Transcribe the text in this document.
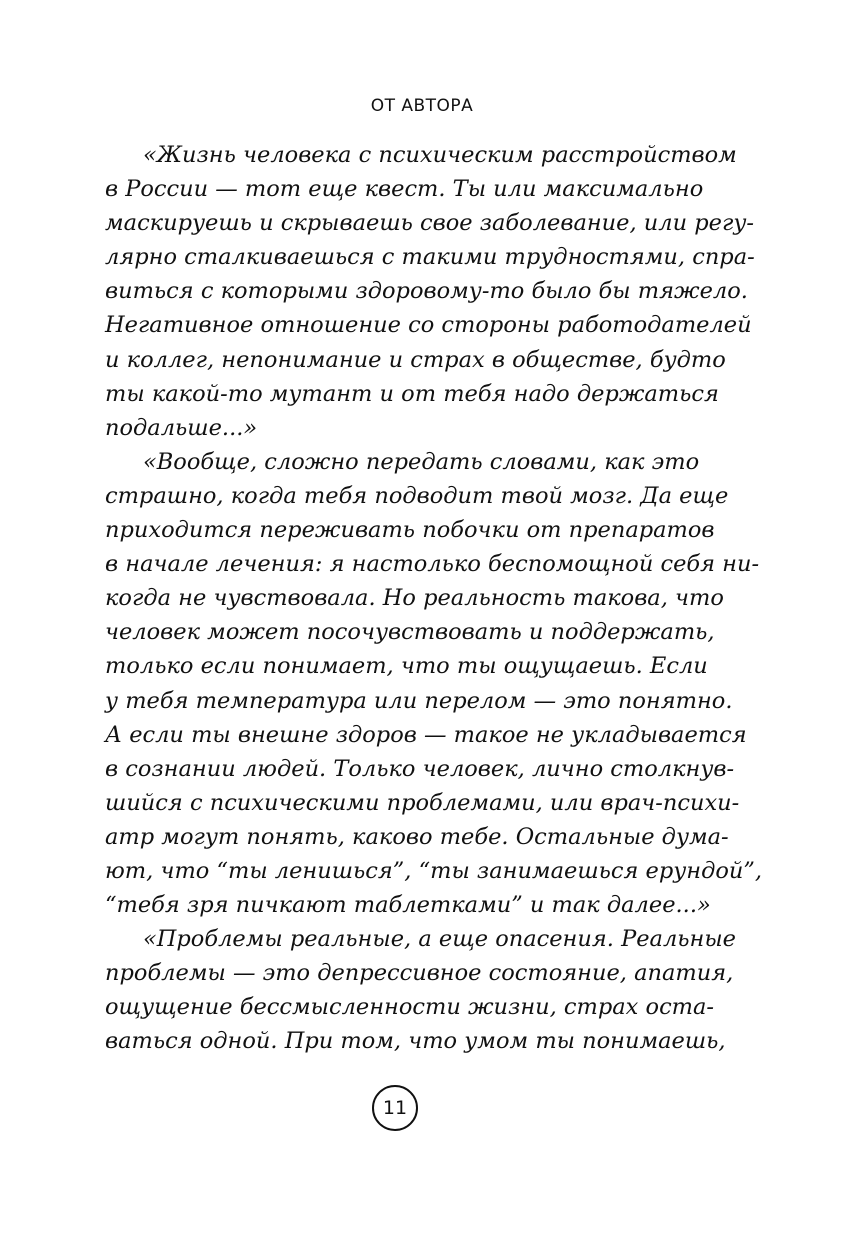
ОТ АВТОРА
«Жизнь человека с психическим расстройством
в России — тот еще квест. Ты или максимально
маскируешь и скрываешь свое заболевание, или регу-
лярно сталкиваешься с такими трудностями, спра-
виться с которыми здоровому-то было бы тяжело.
Негативное отношение со стороны работодателей
и коллег, непонимание и страх в обществе, будто
ты какой-то мутант и от тебя надо держаться
подальше...»
«Вообще, сложно передать словами, как это
страшно, когда тебя подводит твой мозг. Да еще
приходится переживать побочки от препаратов
в начале лечения: я настолько беспомощной себя ни-
когда не чувствовала. Но реальность такова, что
человек может посочувствовать и поддержать,
только если понимает, что ты ощущаешь. Если
у тебя температура или перелом — это понятно.
А если ты внешне здоров — такое не укладывается
в сознании людей. Только человек, лично столкнув-
шийся с психическими проблемами, или врач-психи-
атр могут понять, каково тебе. Остальные дума-
ют, что “ты ленишься”, “ты занимаешься ерундой”,
“тебя зря пичкают таблетками” и так далее...»
«Проблемы реальные, а еще опасения. Реальные
проблемы — это депрессивное состояние, апатия,
ощущение бессмысленности жизни, страх оста-
ваться одной. При том, что умом ты понимаешь,
11
